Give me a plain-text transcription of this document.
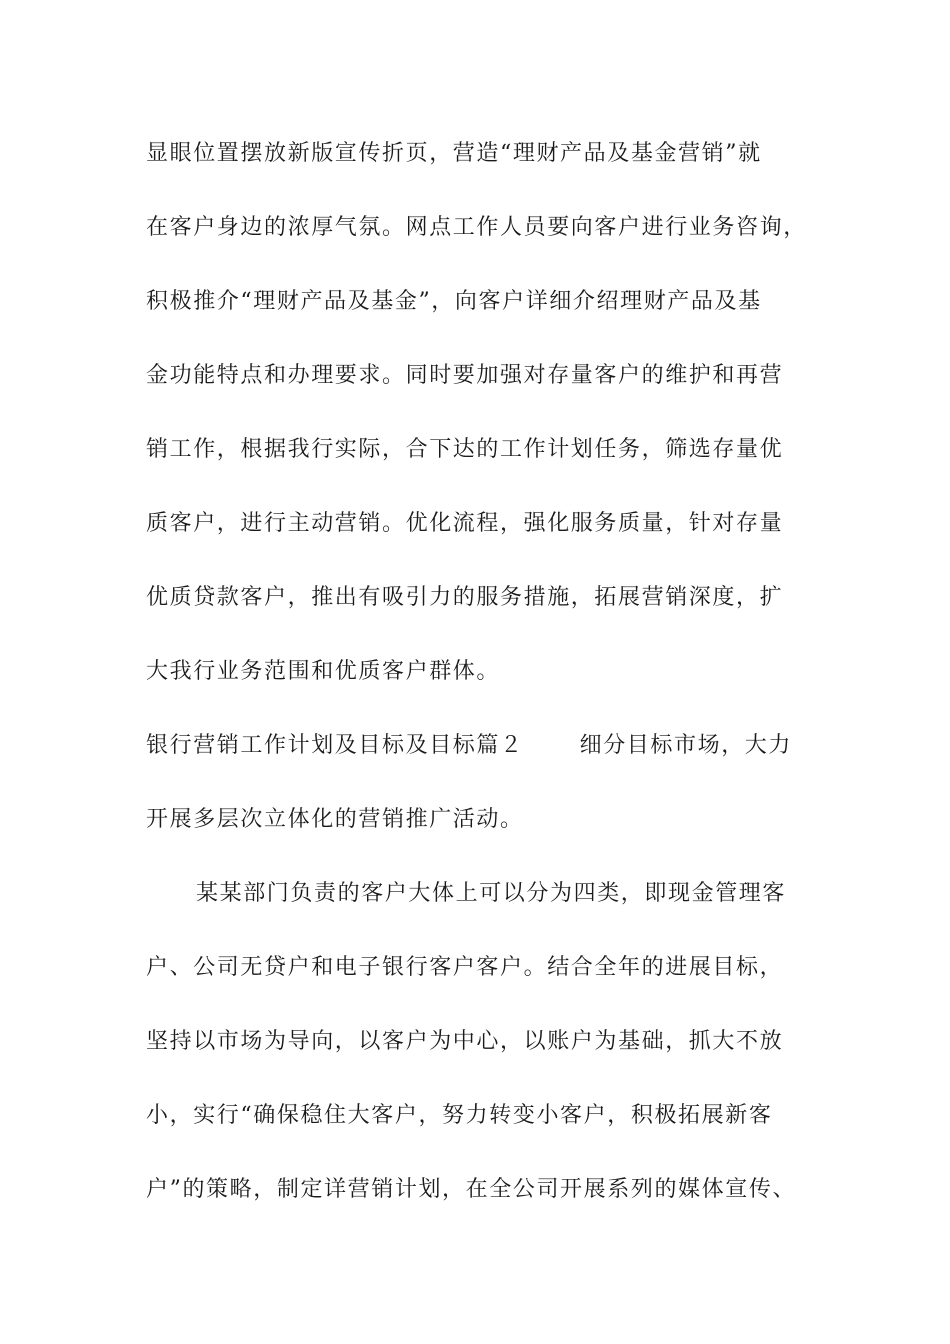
显眼位置摆放新版宣传折页，营造“理财产品及基金营销”就
在客户身边的浓厚气氛。网点工作人员要向客户进行业务咨询，
积极推介“理财产品及基金”，向客户详细介绍理财产品及基
金功能特点和办理要求。同时要加强对存量客户的维护和再营
销工作，根据我行实际，合下达的工作计划任务，筛选存量优
质客户，进行主动营销。优化流程，强化服务质量，针对存量
优质贷款客户，推出有吸引力的服务措施，拓展营销深度，扩
大我行业务范围和优质客户群体。
银行营销工作计划及目标及目标篇２	细分目标市场，大力
开展多层次立体化的营销推广活动。
某某部门负责的客户大体上可以分为四类，即现金管理客
户、公司无贷户和电子银行客户客户。结合全年的进展目标，
坚持以市场为导向，以客户为中心，以账户为基础，抓大不放
小，实行“确保稳住大客户，努力转变小客户，积极拓展新客
户”的策略，制定详营销计划，在全公司开展系列的媒体宣传、
